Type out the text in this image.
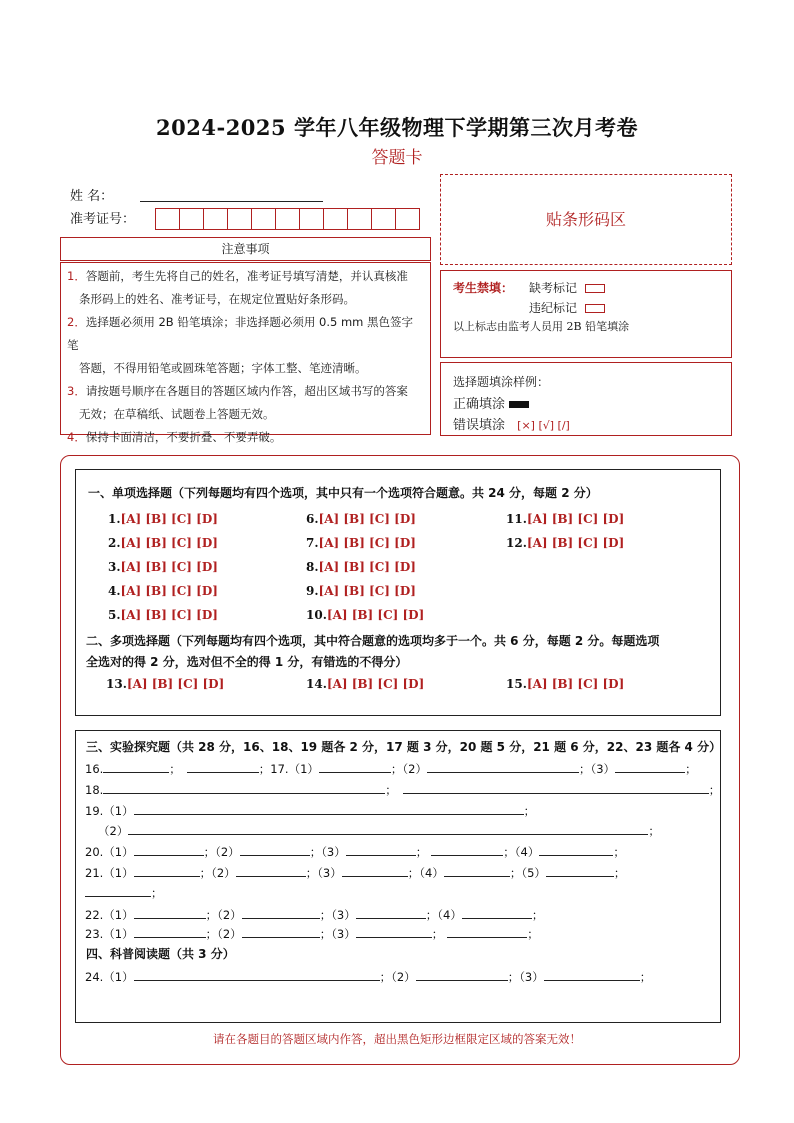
2024-2025 学年八年级物理下学期第三次月考卷
答题卡
姓 名：
准考证号：	贴条形码区
注意事项
1．答题前，考生先将自己的姓名，准考证号填写清楚，并认真核准
条形码上的姓名、准考证号，在规定位置贴好条形码。
2．选择题必须用 2B 铅笔填涂；非选择题必须用 0.5 mm 黑色签字笔
答题，不得用铅笔或圆珠笔答题；字体工整、笔迹清晰。
3．请按题号顺序在各题目的答题区域内作答，超出区域书写的答案
无效；在草稿纸、试题卷上答题无效。
4．保持卡面清洁，不要折叠、不要弄破。
考生禁填： 缺考标记
违纪标记
以上标志由监考人员用 2B 铅笔填涂
选择题填涂样例：
正确填涂
错误填涂 [×] [√] [/]
一、单项选择题（下列每题均有四个选项，其中只有一个选项符合题意。共 24 分，每题 2 分）
1.[A] [B] [C] [D]
2.[A] [B] [C] [D]
3.[A] [B] [C] [D]
4.[A] [B] [C] [D]
5.[A] [B] [C] [D]
6.[A] [B] [C] [D]
7.[A] [B] [C] [D]
8.[A] [B] [C] [D]
9.[A] [B] [C] [D]
10.[A] [B] [C] [D]
11.[A] [B] [C] [D]
12.[A] [B] [C] [D]
二、多项选择题（下列每题均有四个选项，其中符合题意的选项均多于一个。共 6 分，每题 2 分。每题选项
全选对的得 2 分，选对但不全的得 1 分，有错选的不得分）
13.[A] [B] [C] [D]	14.[A] [B] [C] [D]	15.[A] [B] [C] [D]
三、实验探究题（共 28 分，16、18、19 题各 2 分，17 题 3 分，20 题 5 分，21 题 6 分，22、23 题各 4 分）
16.	；	；17.（1）	；（2）	；（3）	；
18.	；	；
19.（1）	；
（2）	；
20.（1）	；（2）	；（3）	；	；（4）	；
21.（1）	；（2）	；（3）	；（4）	；（5）	；
；
22.（1）	；（2）	；（3）	；（4）	；
23.（1）	；（2）	；（3）	；	；
四、科普阅读题（共 3 分）
24.（1）	；（2）	；（3）	；
请在各题目的答题区域内作答，超出黑色矩形边框限定区域的答案无效！
